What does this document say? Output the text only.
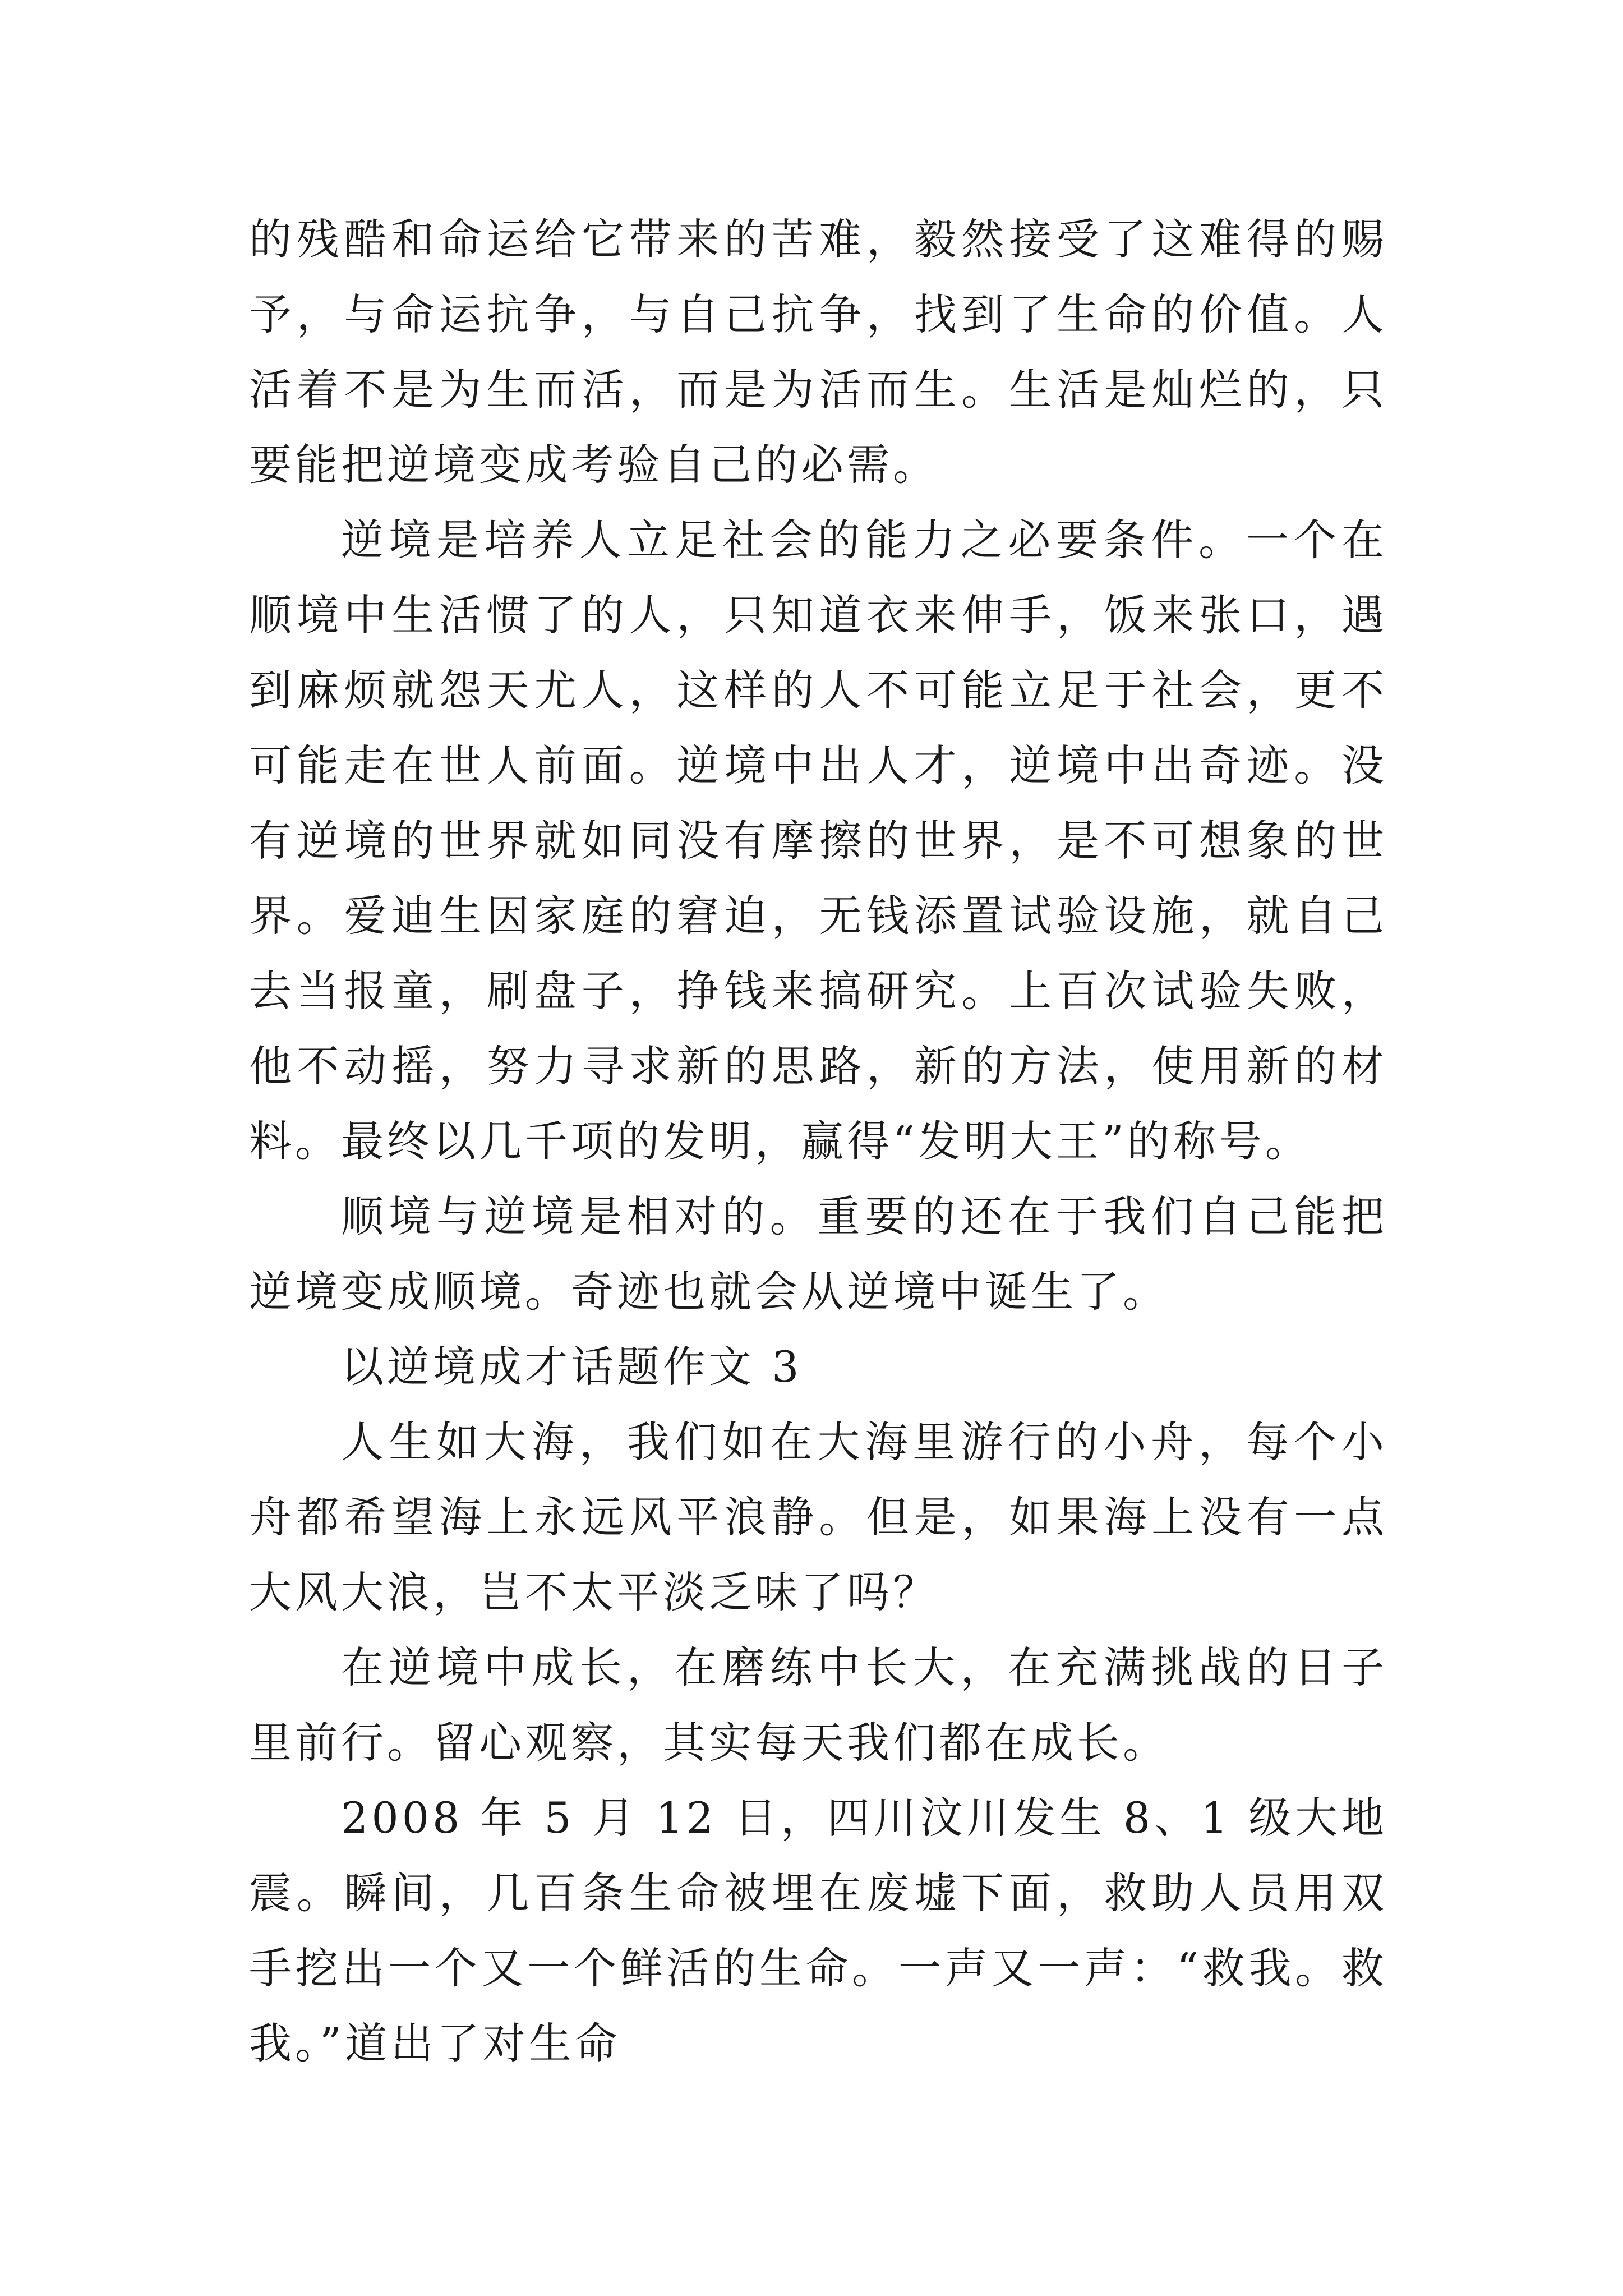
的残酷和命运给它带来的苦难，毅然接受了这难得的赐予，与命运抗争，与自己抗争，找到了生命的价值。人活着不是为生而活，而是为活而生。生活是灿烂的，只要能把逆境变成考验自己的必需。

逆境是培养人立足社会的能力之必要条件。一个在顺境中生活惯了的人，只知道衣来伸手，饭来张口，遇到麻烦就怨天尤人，这样的人不可能立足于社会，更不可能走在世人前面。逆境中出人才，逆境中出奇迹。没有逆境的世界就如同没有摩擦的世界，是不可想象的世界。爱迪生因家庭的窘迫，无钱添置试验设施，就自己去当报童，刷盘子，挣钱来搞研究。上百次试验失败，他不动摇，努力寻求新的思路，新的方法，使用新的材料。最终以几千项的发明，赢得“发明大王”的称号。

顺境与逆境是相对的。重要的还在于我们自己能把逆境变成顺境。奇迹也就会从逆境中诞生了。

以逆境成才话题作文 3

人生如大海，我们如在大海里游行的小舟，每个小舟都希望海上永远风平浪静。但是，如果海上没有一点大风大浪，岂不太平淡乏味了吗？

在逆境中成长，在磨练中长大，在充满挑战的日子里前行。留心观察，其实每天我们都在成长。

2008 年 5 月 12 日，四川汶川发生 8、1 级大地震。瞬间，几百条生命被埋在废墟下面，救助人员用双手挖出一个又一个鲜活的生命。一声又一声：“救我。救我。”道出了对生命
